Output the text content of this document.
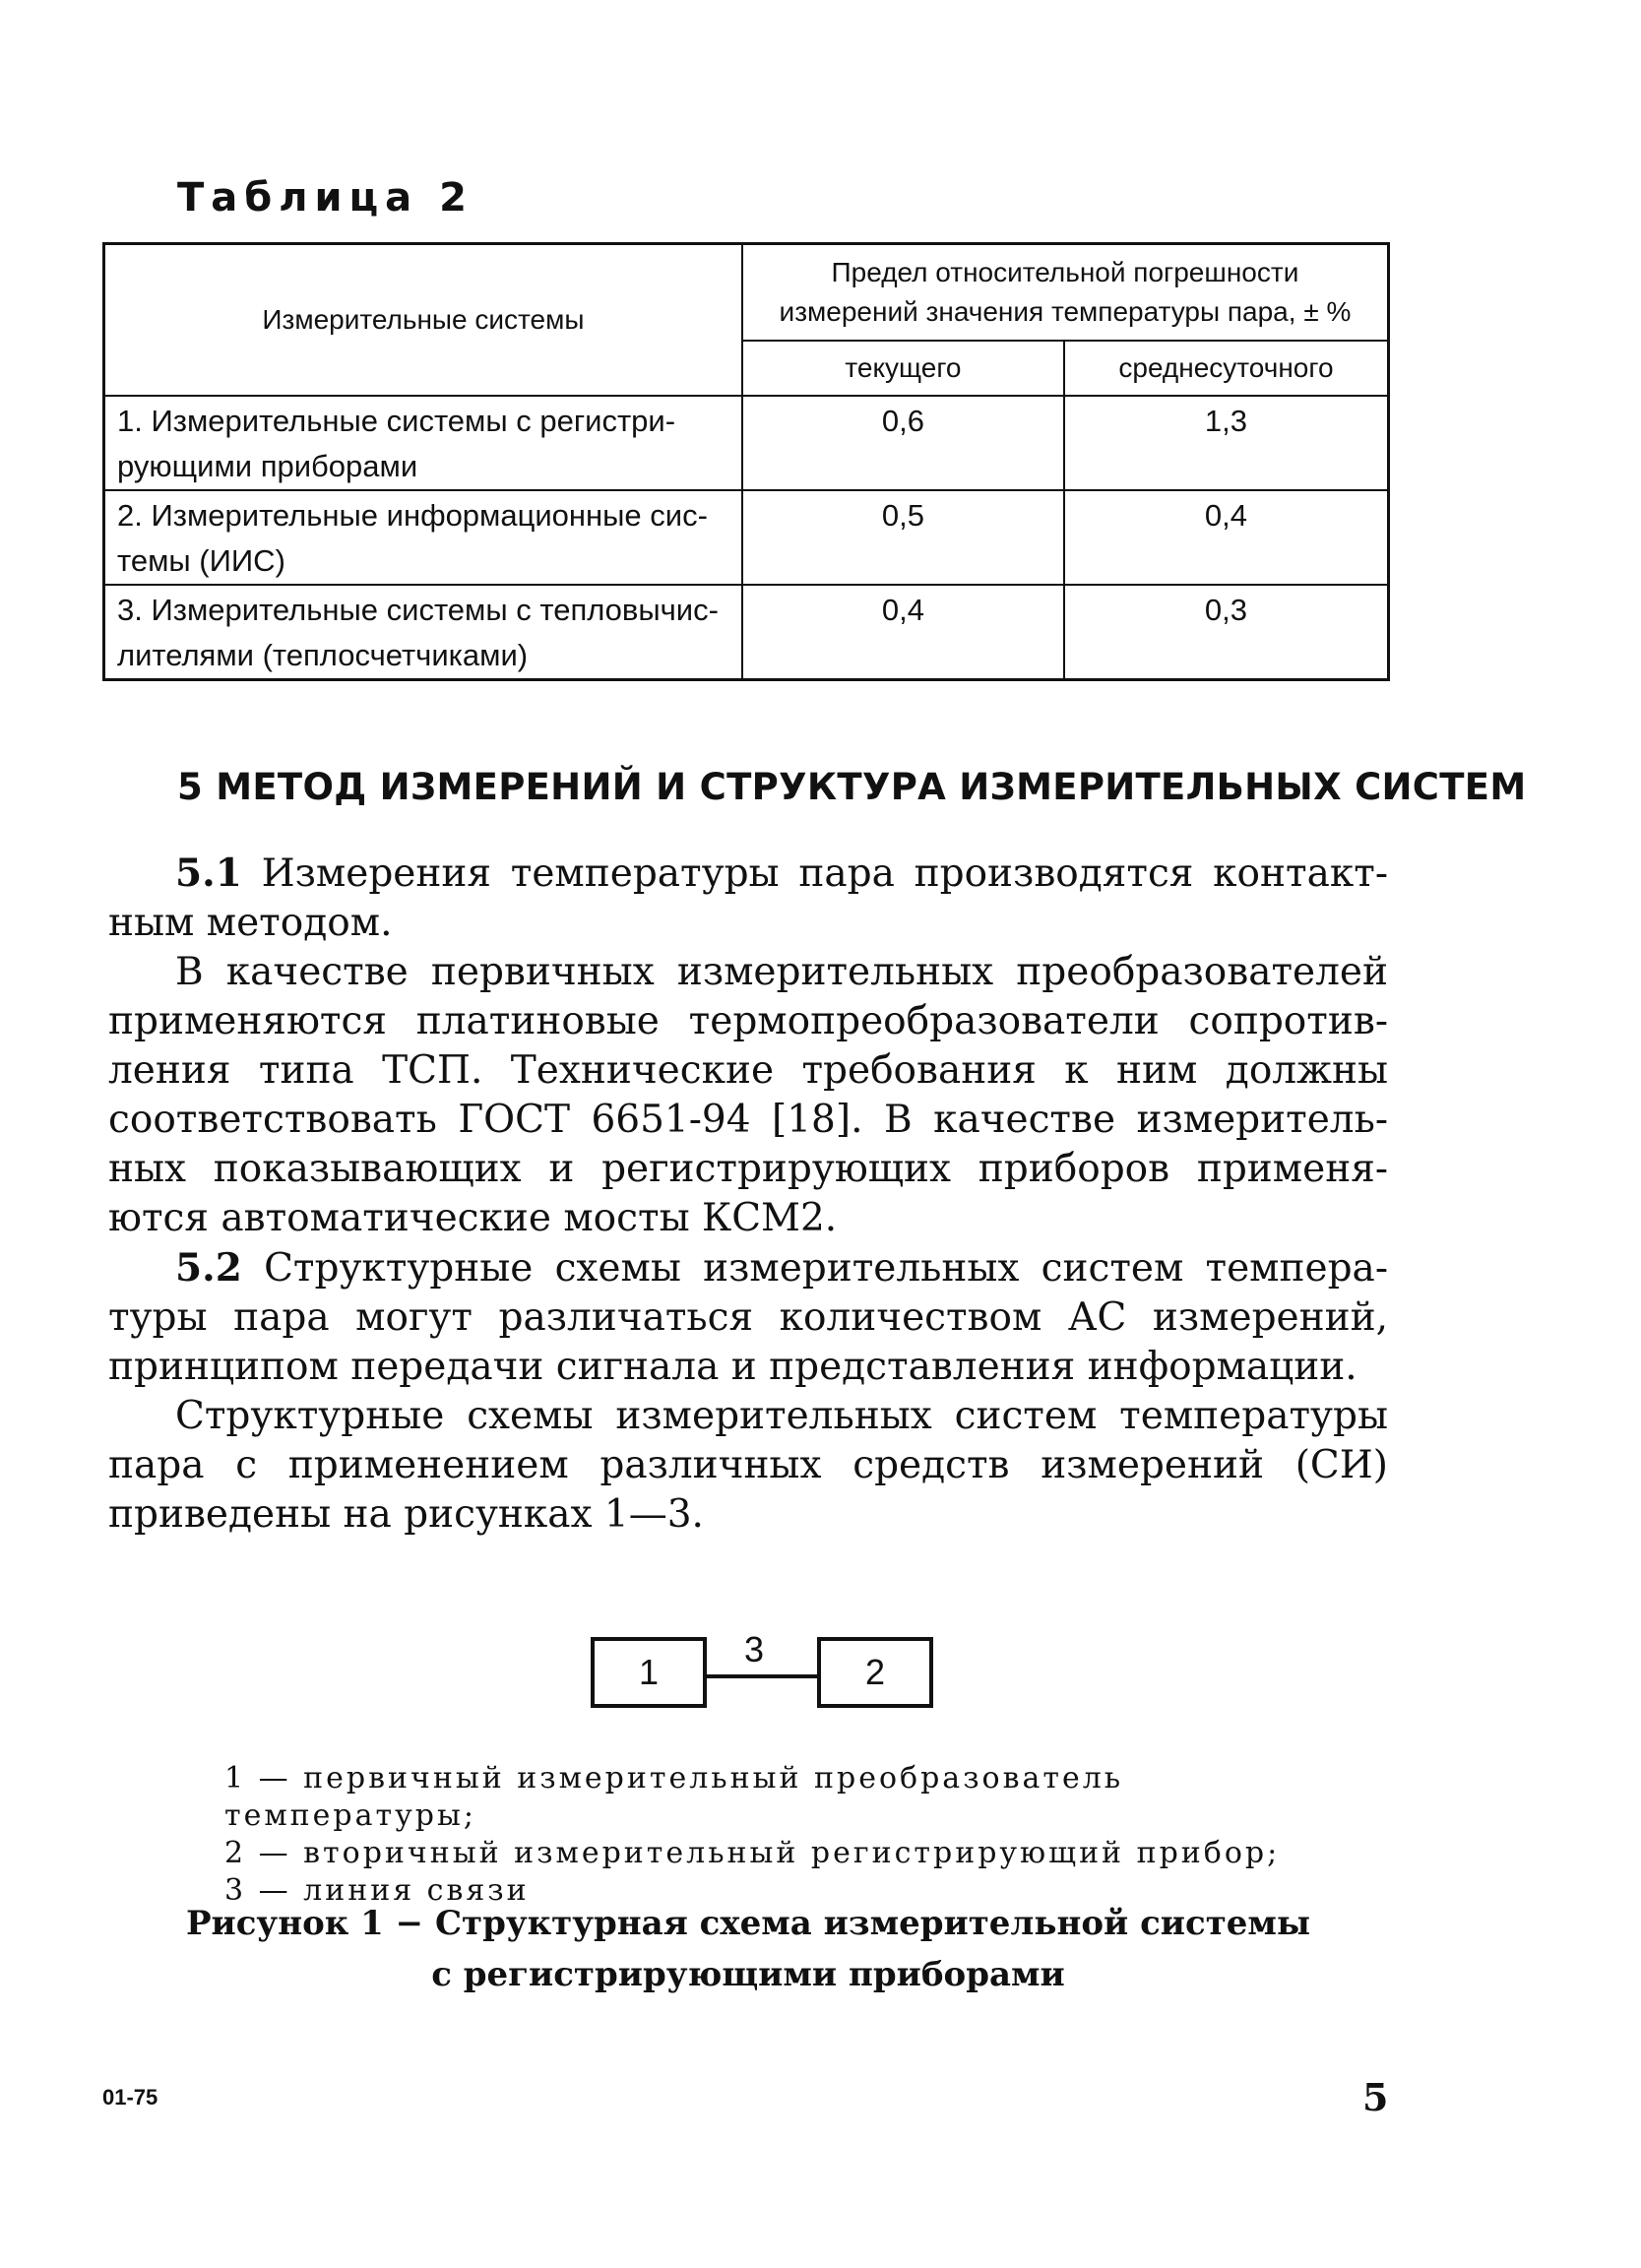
Таблица 2
Измерительные системы	Предел относительной погрешности
измерений значения температуры пара, ± %	

	текущего	среднесуточного

1. Измерительные системы с регистри-
рующими приборами	0,6	1,3

2. Измерительные информационные сис-
темы (ИИС)	0,5	0,4

3. Измерительные системы с тепловычис-
лителями (теплосчетчиками)	0,4	0,3
5 МЕТОД ИЗМЕРЕНИЙ И СТРУКТУРА ИЗМЕРИТЕЛЬНЫХ СИСТЕМ

5.1 Измерения температуры пара производятся контактным методом.

В качестве первичных измерительных преобразователей применяются платиновые термопреобразователи сопротивления типа ТСП. Технические требования к ним должны соответствовать ГОСТ 6651-94 [18]. В качестве измерительных показывающих и регистрирующих приборов применяются автоматические мосты КСМ2.

5.2 Структурные схемы измерительных систем температуры пара могут различаться количеством АС измерений, принципом передачи сигнала и представления информации.

Структурные схемы измерительных систем температуры пара с применением различных средств измерений (СИ) приведены на рисунках 1—3.

1
3
2

1 — первичный измерительный преобразователь температуры;

2 — вторичный измерительный регистрирующий прибор;

3 — линия связи

Рисунок 1 − Структурная схема измерительной системы
с регистрирующими приборами

01-75	5
